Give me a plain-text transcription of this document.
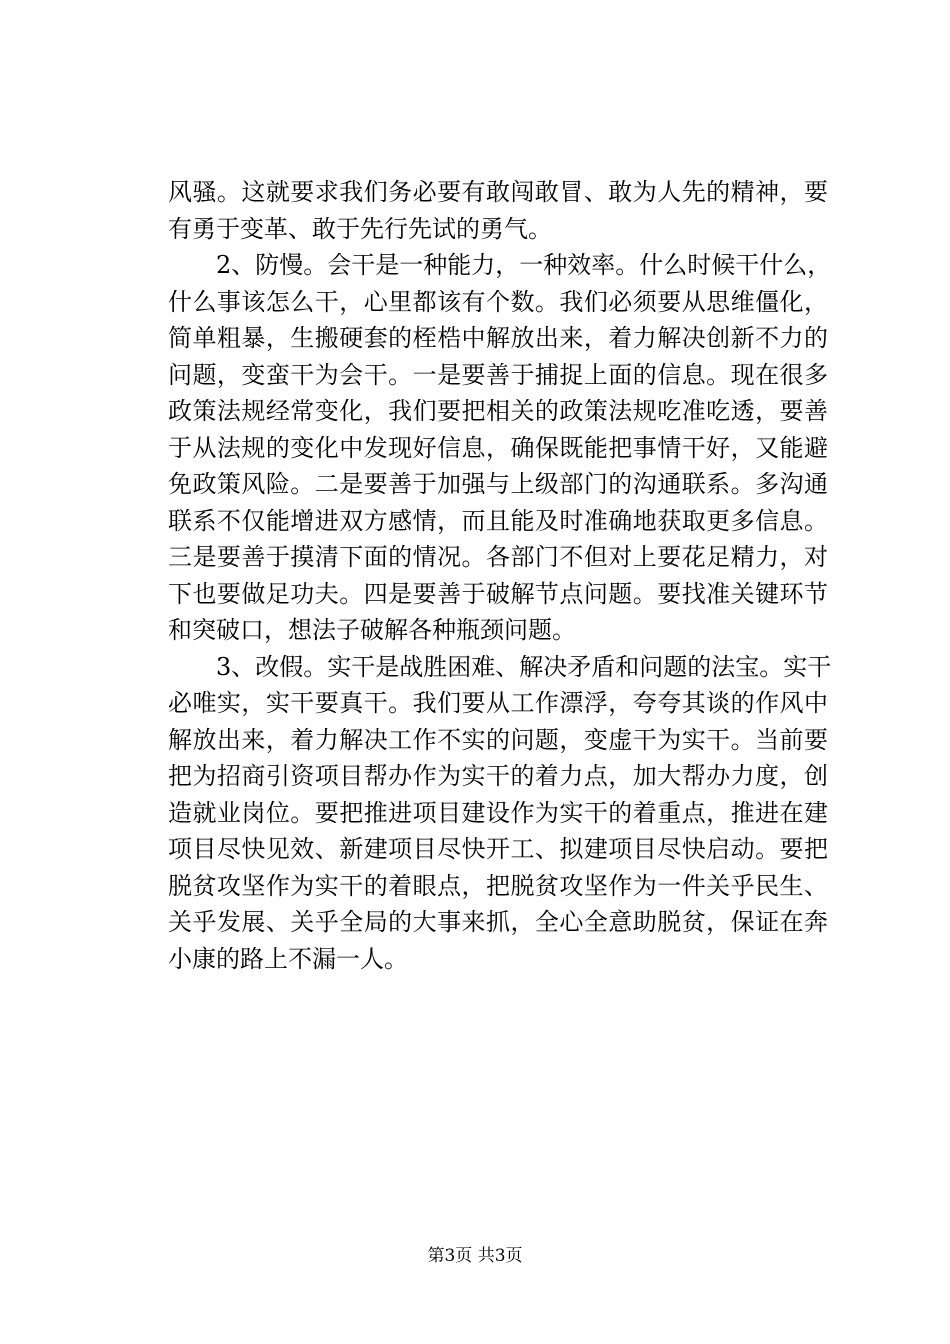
风骚。这就要求我们务必要有敢闯敢冒、敢为人先的精神，要
有勇于变革、敢于先行先试的勇气。
2、防慢。会干是一种能力，一种效率。什么时候干什么，
什么事该怎么干，心里都该有个数。我们必须要从思维僵化，
简单粗暴，生搬硬套的桎梏中解放出来，着力解决创新不力的
问题，变蛮干为会干。一是要善于捕捉上面的信息。现在很多
政策法规经常变化，我们要把相关的政策法规吃准吃透，要善
于从法规的变化中发现好信息，确保既能把事情干好，又能避
免政策风险。二是要善于加强与上级部门的沟通联系。多沟通
联系不仅能增进双方感情，而且能及时准确地获取更多信息。
三是要善于摸清下面的情况。各部门不但对上要花足精力，对
下也要做足功夫。四是要善于破解节点问题。要找准关键环节
和突破口，想法子破解各种瓶颈问题。
3、改假。实干是战胜困难、解决矛盾和问题的法宝。实干
必唯实，实干要真干。我们要从工作漂浮，夸夸其谈的作风中
解放出来，着力解决工作不实的问题，变虚干为实干。当前要
把为招商引资项目帮办作为实干的着力点，加大帮办力度，创
造就业岗位。要把推进项目建设作为实干的着重点，推进在建
项目尽快见效、新建项目尽快开工、拟建项目尽快启动。要把
脱贫攻坚作为实干的着眼点，把脱贫攻坚作为一件关乎民生、
关乎发展、关乎全局的大事来抓，全心全意助脱贫，保证在奔
小康的路上不漏一人。
第3页 共3页
